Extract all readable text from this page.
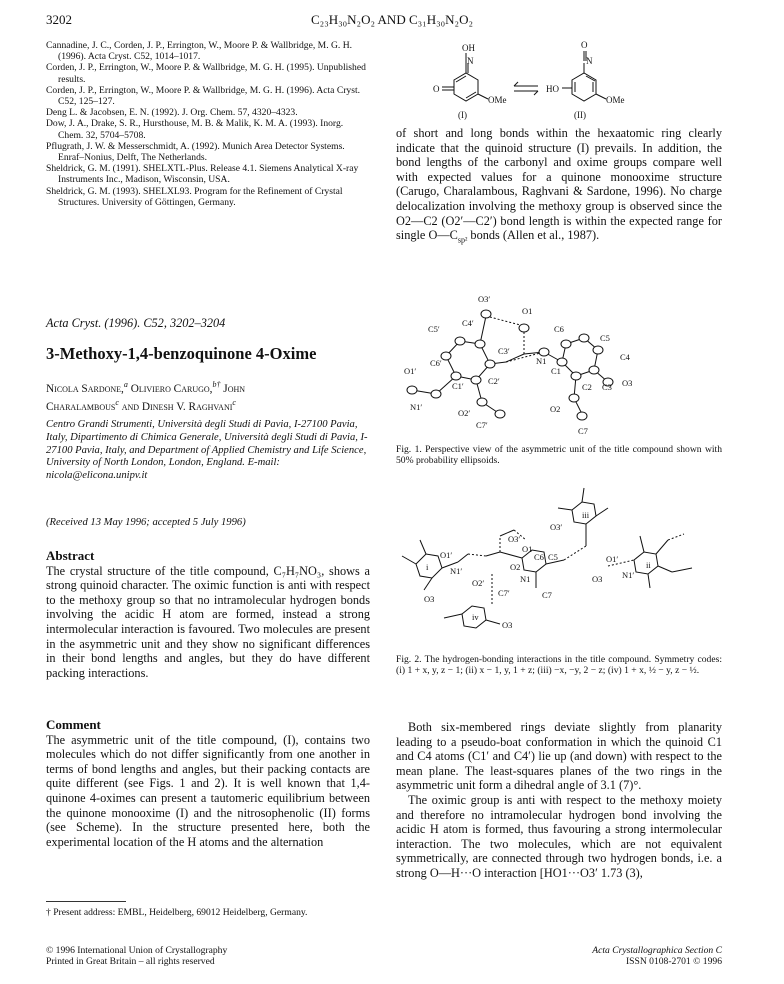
3202	C₂₃H₃₀N₂O₂ AND C₃₁H₃₀N₂O₂
Cannadine, J. C., Corden, J. P., Errington, W., Moore P. & Wallbridge, M. G. H. (1996). Acta Cryst. C52, 1014–1017.
Corden, J. P., Errington, W., Moore P. & Wallbridge, M. G. H. (1995). Unpublished results.
Corden, J. P., Errington, W., Moore P. & Wallbridge, M. G. H. (1996). Acta Cryst. C52, 125–127.
Deng L. & Jacobsen, E. N. (1992). J. Org. Chem. 57, 4320–4323.
Dow, J. A., Drake, S. R., Hursthouse, M. B. & Malik, K. M. A. (1993). Inorg. Chem. 32, 5704–5708.
Pflugrath, J. W. & Messerschmidt, A. (1992). Munich Area Detector Systems. Enraf–Nonius, Delft, The Netherlands.
Sheldrick, G. M. (1991). SHELXTL-Plus. Release 4.1. Siemens Analytical X-ray Instruments Inc., Madison, Wisconsin, USA.
Sheldrick, G. M. (1993). SHELXL93. Program for the Refinement of Crystal Structures. University of Göttingen, Germany.
OH
N
O
OMe
O
N
HO
OMe
(I)	(II)
of short and long bonds within the hexaatomic ring clearly indicate that the quinoid structure (I) prevails. In addition, the bond lengths of the carbonyl and oxime groups compare well with expected values for a quinone monooxime structure (Carugo, Charalambous, Raghvani & Sardone, 1996). No charge delocalization involving the methoxy group is observed since the O2—C2 (O2′—C2′) bond length is within the expected range for single $O—C_{sp^2}$ bonds (Allen et al., 1987).
Acta Cryst. (1996). C52, 3202–3204
3-Methoxy-1,4-benzoquinone 4-Oxime
Nicola Sardone,$^a$ Oliviero Carugo,$^{b\dagger}$ John
Charalambous$^c$ and Dinesh V. Raghvani$^c$
Centro Grandi Strumenti, Università degli Studi di Pavia, I-27100 Pavia, Italy, Dipartimento di Chimica Generale, Università degli Studi di Pavia, I-27100 Pavia, Italy, and Department of Applied Chemistry and Life Science, University of North London, London, England. E-mail: nicola@elicona.unipv.it
(Received 13 May 1996; accepted 5 July 1996)
Abstract

The crystal structure of the title compound, C₇H₇NO₃, shows a strong quinoid character. The oximic function is anti with respect to the methoxy group so that no intramolecular hydrogen bonds involving the acidic H atom are formed, instead a strong intermolecular interaction is favoured. Two molecules are present in the asymmetric unit and they show no significant differences in their bond lengths and angles, but they do have different packing interactions.

Comment

The asymmetric unit of the title compound, (I), contains two molecules which do not differ significantly from one another in terms of bond lengths and angles, but their packing contacts are quite different (see Figs. 1 and 2). It is well known that 1,4-quinone 4-oximes can present a tautomeric equilibrium between the quinone monooxime (I) and the nitrosophenolic (II) forms (see Scheme). In the structure presented here, both the experimental location of the H atoms and the alternation

O3′
O1
C5′
C4′
C6
C5
C3′
N1
C1
C4
O1′
C6′
C1′	C2′
C2 C3 O3
N1′
O2′	O2
C7′
C7
Fig. 1. Perspective view of the asymmetric unit of the title compound shown with 50% probability ellipsoids.
O3′
O3′
iii
O1
O1′	C6 C5	O1′
i	N1′
N1
ii
O3
O2′
O2
N1′
C7′
O3
C7
iv
O3
Fig. 2. The hydrogen-bonding interactions in the title compound. Symmetry codes: (i) 1 + x, y, z − 1; (ii) x − 1, y, 1 + z; (iii) −x, −y, 2 − z; (iv) 1 + x, ½ − y, z − ½.

Both six-membered rings deviate slightly from planarity leading to a pseudo-boat conformation in which the quinoid C1 and C4 atoms (C1′ and C4′) lie up (and down) with respect to the mean plane. The least-squares planes of the two rings in the asymmetric unit form a dihedral angle of 3.1 (7)°.

The oximic group is anti with respect to the methoxy moiety and therefore no intramolecular hydrogen bond involving the acidic H atom is formed, thus favouring a strong intermolecular interaction. The two molecules, which are not equivalent symmetrically, are connected through two hydrogen bonds, i.e. a strong O—H···O interaction [HO1···O3′ 1.73 (3),

† Present address: EMBL, Heidelberg, 69012 Heidelberg, Germany.
© 1996 International Union of Crystallography
Printed in Great Britain – all rights reserved
Acta Crystallographica Section C
ISSN 0108-2701 © 1996
